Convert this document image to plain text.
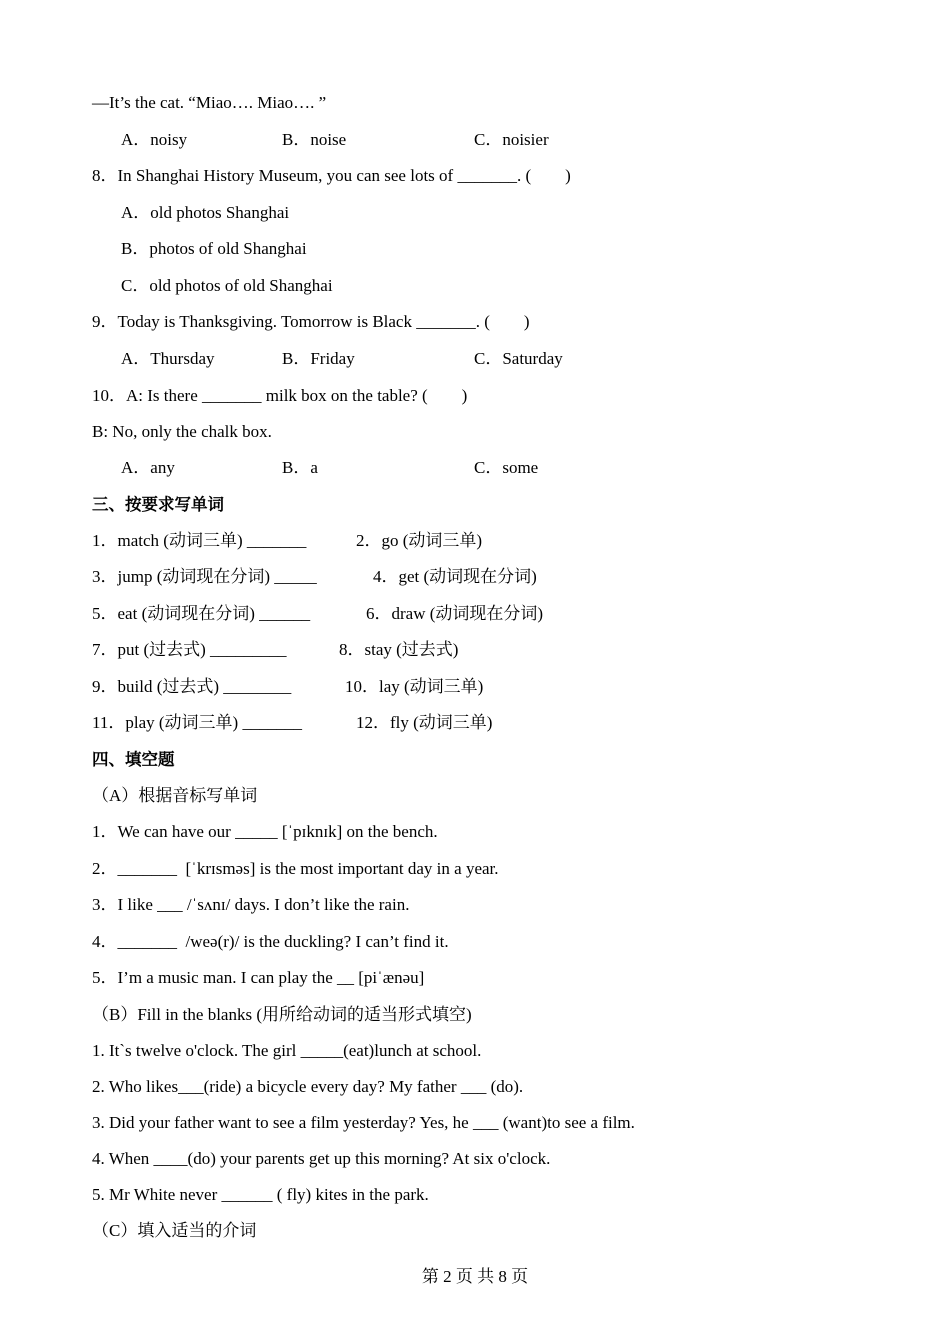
—It’s the cat. “Miao…. Miao…. ”
A．noisy	B．noise	C．noisier
8．In Shanghai History Museum, you can see lots of _______. (　　)
A．old photos Shanghai
B．photos of old Shanghai
C．old photos of old Shanghai
9．Today is Thanksgiving. Tomorrow is Black _______. (　　)
A．Thursday	B．Friday	C．Saturday
10．A: Is there _______ milk box on the table? (　　)
B: No, only the chalk box.
A．any	B．a	C．some
三、按要求写单词
1．match (动词三单) _______	2．go (动词三单)
3．jump (动词现在分词) _____	4．get (动词现在分词)
5．eat (动词现在分词) ______	6．draw (动词现在分词)
7．put (过去式) _________	8．stay (过去式)
9．build (过去式) ________	10．lay (动词三单)
11．play (动词三单) _______	12．fly (动词三单)
四、填空题
（A）根据音标写单词
1．We can have our _____ [ˈpɪknɪk] on the bench.
2．_______  [ˈkrɪsməs] is the most important day in a year.
3．I like ___ /ˈsʌnɪ/ days. I don’t like the rain.
4．_______  /weə(r)/ is the duckling? I can’t find it.
5．I’m a music man. I can play the __ [piˈænəu]
（B）Fill in the blanks (用所给动词的适当形式填空)
1. It`s twelve o'clock. The girl _____(eat)lunch at school.
2. Who likes___(ride) a bicycle every day? My father ___ (do).
3. Did your father want to see a film yesterday? Yes, he ___ (want)to see a film.
4. When ____(do) your parents get up this morning? At six o'clock.
5. Mr White never ______ ( fly) kites in the park.
（C）填入适当的介词
第 2 页 共 8 页
